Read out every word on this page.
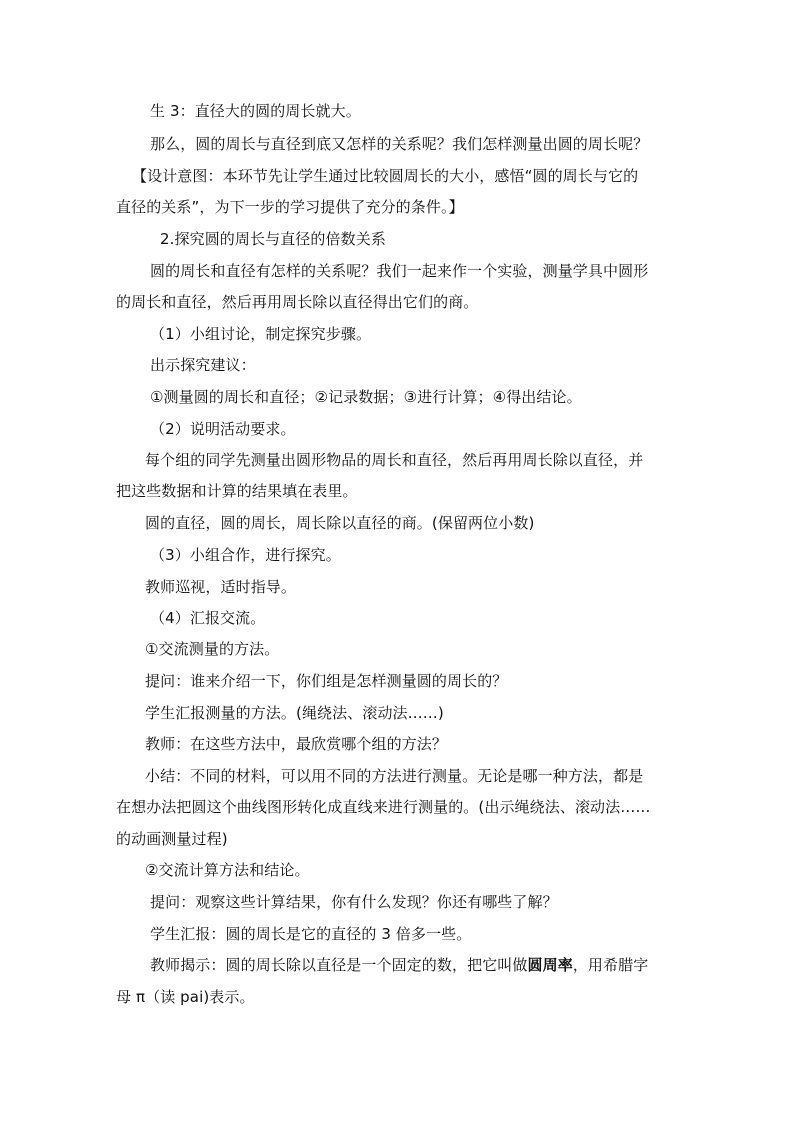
生 3：直径大的圆的周长就大。
那么，圆的周长与直径到底又怎样的关系呢？我们怎样测量出圆的周长呢？
【设计意图：本环节先让学生通过比较圆周长的大小，感悟“圆的周长与它的
直径的关系”，为下一步的学习提供了充分的条件。】
2.探究圆的周长与直径的倍数关系
圆的周长和直径有怎样的关系呢？我们一起来作一个实验，测量学具中圆形
的周长和直径，然后再用周长除以直径得出它们的商。
（1）小组讨论，制定探究步骤。
出示探究建议：
①测量圆的周长和直径；②记录数据；③进行计算；④得出结论。
（2）说明活动要求。
每个组的同学先测量出圆形物品的周长和直径，然后再用周长除以直径，并
把这些数据和计算的结果填在表里。
圆的直径，圆的周长，周长除以直径的商。(保留两位小数)
（3）小组合作，进行探究。
教师巡视，适时指导。
（4）汇报交流。
①交流测量的方法。
提问：谁来介绍一下，你们组是怎样测量圆的周长的？
学生汇报测量的方法。(绳绕法、滚动法……)
教师：在这些方法中，最欣赏哪个组的方法？
小结：不同的材料，可以用不同的方法进行测量。无论是哪一种方法，都是
在想办法把圆这个曲线图形转化成直线来进行测量的。(出示绳绕法、滚动法……
的动画测量过程)
②交流计算方法和结论。
提问：观察这些计算结果，你有什么发现？你还有哪些了解？
学生汇报：圆的周长是它的直径的 3 倍多一些。
教师揭示：圆的周长除以直径是一个固定的数，把它叫做圆周率，用希腊字
母 π（读 pai)表示。
